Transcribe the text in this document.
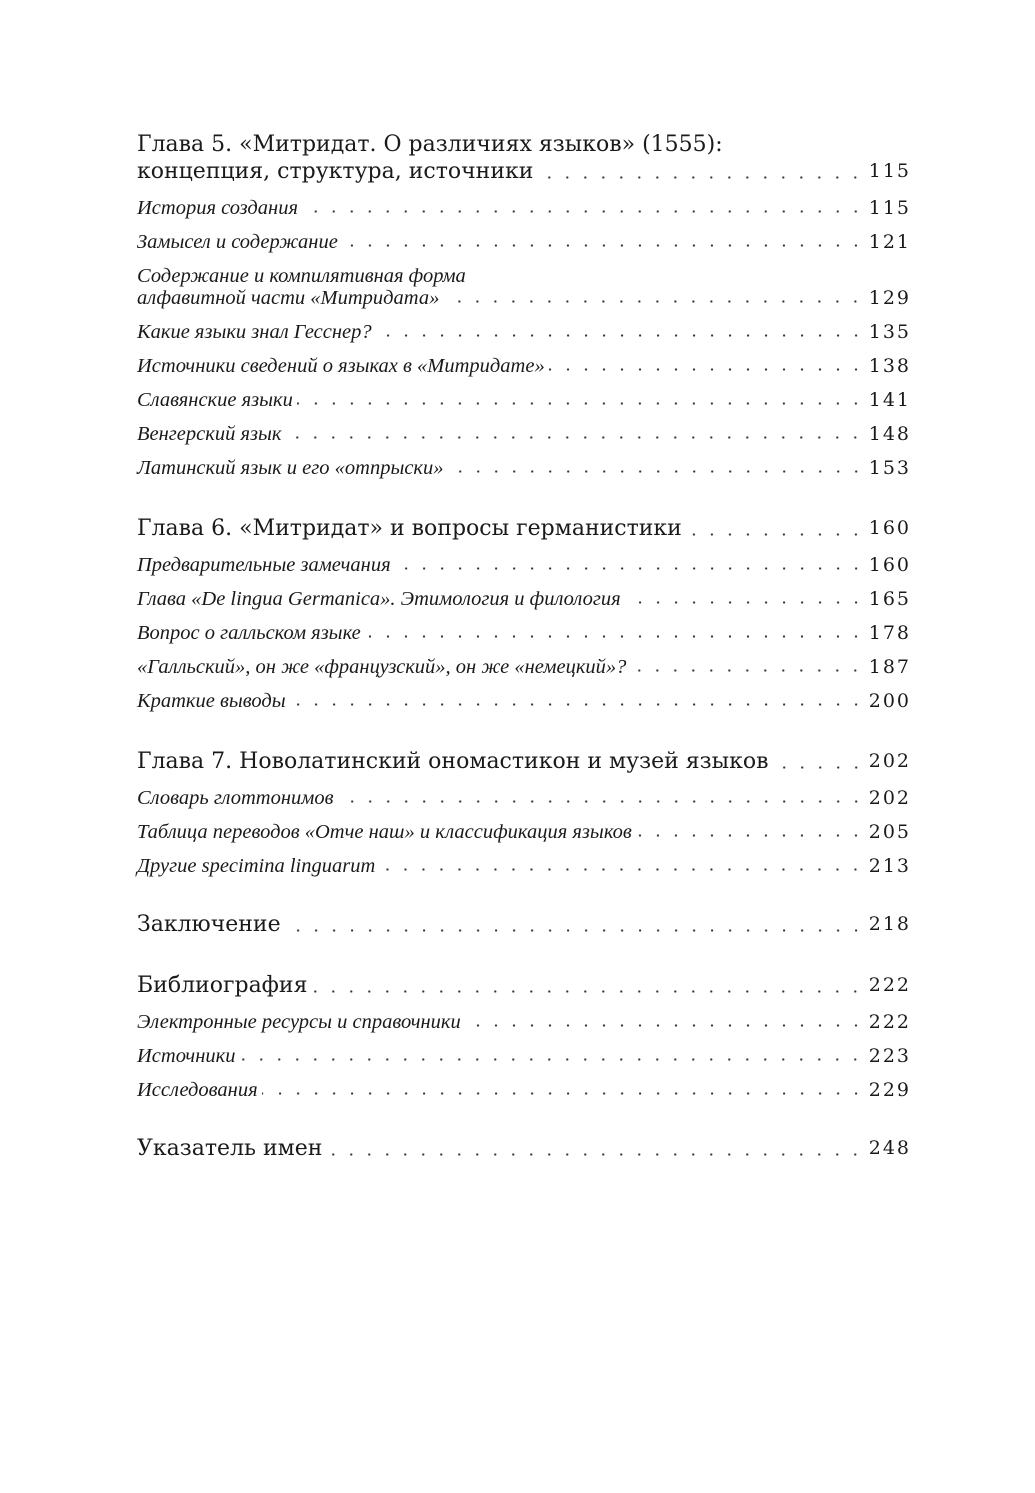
Глава 5. «Митридат. О различиях языков» (1555):
концепция, структура, источники	115
История создания	115
Замысел и содержание	121
Содержание и компилятивная форма
алфавитной части «Митридата»	129
Какие языки знал Гесснер?	135
Источники сведений о языках в «Митридате»	138
Славянские языки	141
Венгерский язык	148
Латинский язык и его «отпрыски»	153
Глава 6. «Митридат» и вопросы германистики	160
Предварительные замечания	160
Глава «De lingua Germanica». Этимология и филология	165
Вопрос о галльском языке	178
«Галльский», он же «французский», он же «немецкий»?	187
Краткие выводы	200
Глава 7. Новолатинский ономастикон и музей языков	202
Словарь глоттонимов	202
Таблица переводов «Отче наш» и классификация языков	205
Другие specimina linguarum	213
Заключение	218
Библиография	222
Электронные ресурсы и справочники	222
Источники	223
Исследования	229
Указатель имен	248
